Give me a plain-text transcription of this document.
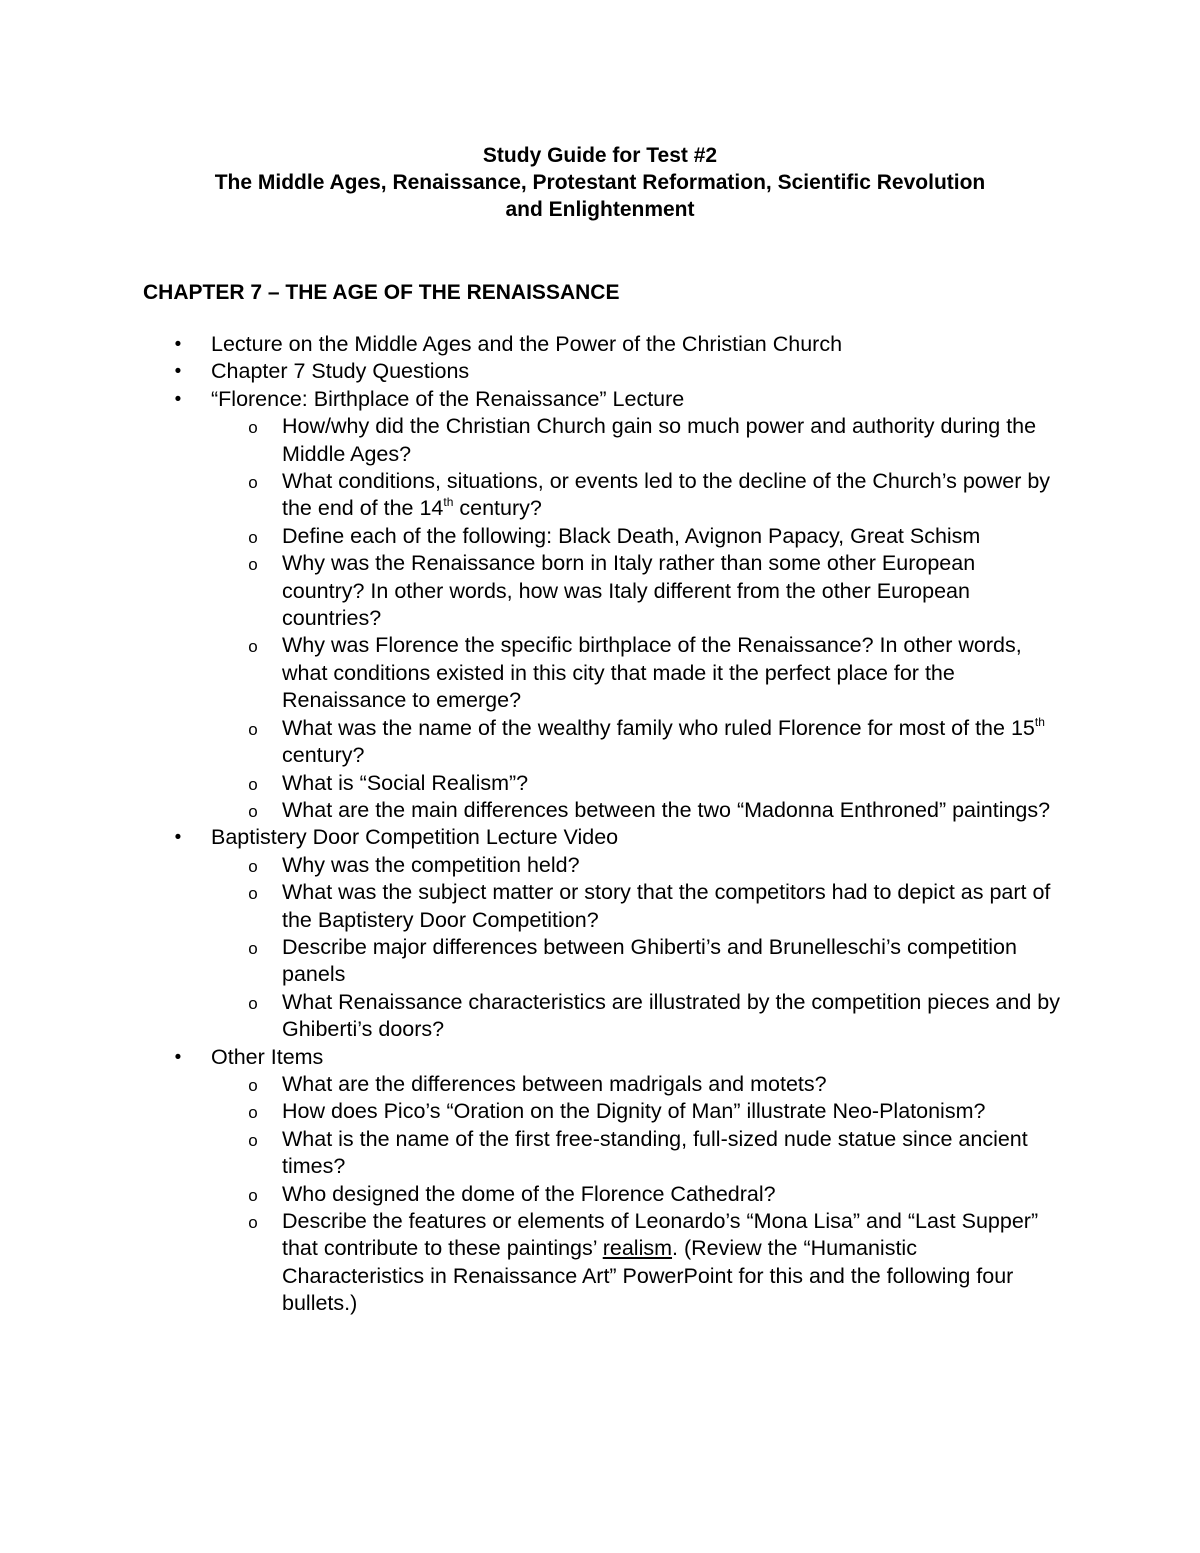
Study Guide for Test #2
The Middle Ages, Renaissance, Protestant Reformation, Scientific Revolution
and Enlightenment
CHAPTER 7 – THE AGE OF THE RENAISSANCE
•	Lecture on the Middle Ages and the Power of the Christian Church
•	Chapter 7 Study Questions
•	“Florence: Birthplace of the Renaissance” Lecture
o How/why did the Christian Church gain so much power and authority during the Middle Ages?
o What conditions, situations, or events led to the decline of the Church’s power by the end of the 14th century?
o Define each of the following: Black Death, Avignon Papacy, Great Schism
o Why was the Renaissance born in Italy rather than some other European country? In other words, how was Italy different from the other European countries?
o Why was Florence the specific birthplace of the Renaissance? In other words, what conditions existed in this city that made it the perfect place for the Renaissance to emerge?
o What was the name of the wealthy family who ruled Florence for most of the 15th century?
o What is “Social Realism”?
o What are the main differences between the two “Madonna Enthroned” paintings?
•	Baptistery Door Competition Lecture Video
o Why was the competition held?
o What was the subject matter or story that the competitors had to depict as part of the Baptistery Door Competition?
o Describe major differences between Ghiberti’s and Brunelleschi’s competition panels
o What Renaissance characteristics are illustrated by the competition pieces and by Ghiberti’s doors?
•	Other Items
o What are the differences between madrigals and motets?
o How does Pico’s “Oration on the Dignity of Man” illustrate Neo-Platonism?
o What is the name of the first free-standing, full-sized nude statue since ancient times?
o Who designed the dome of the Florence Cathedral?
o Describe the features or elements of Leonardo’s “Mona Lisa” and “Last Supper” that contribute to these paintings’ realism. (Review the “Humanistic Characteristics in Renaissance Art” PowerPoint for this and the following four bullets.)
